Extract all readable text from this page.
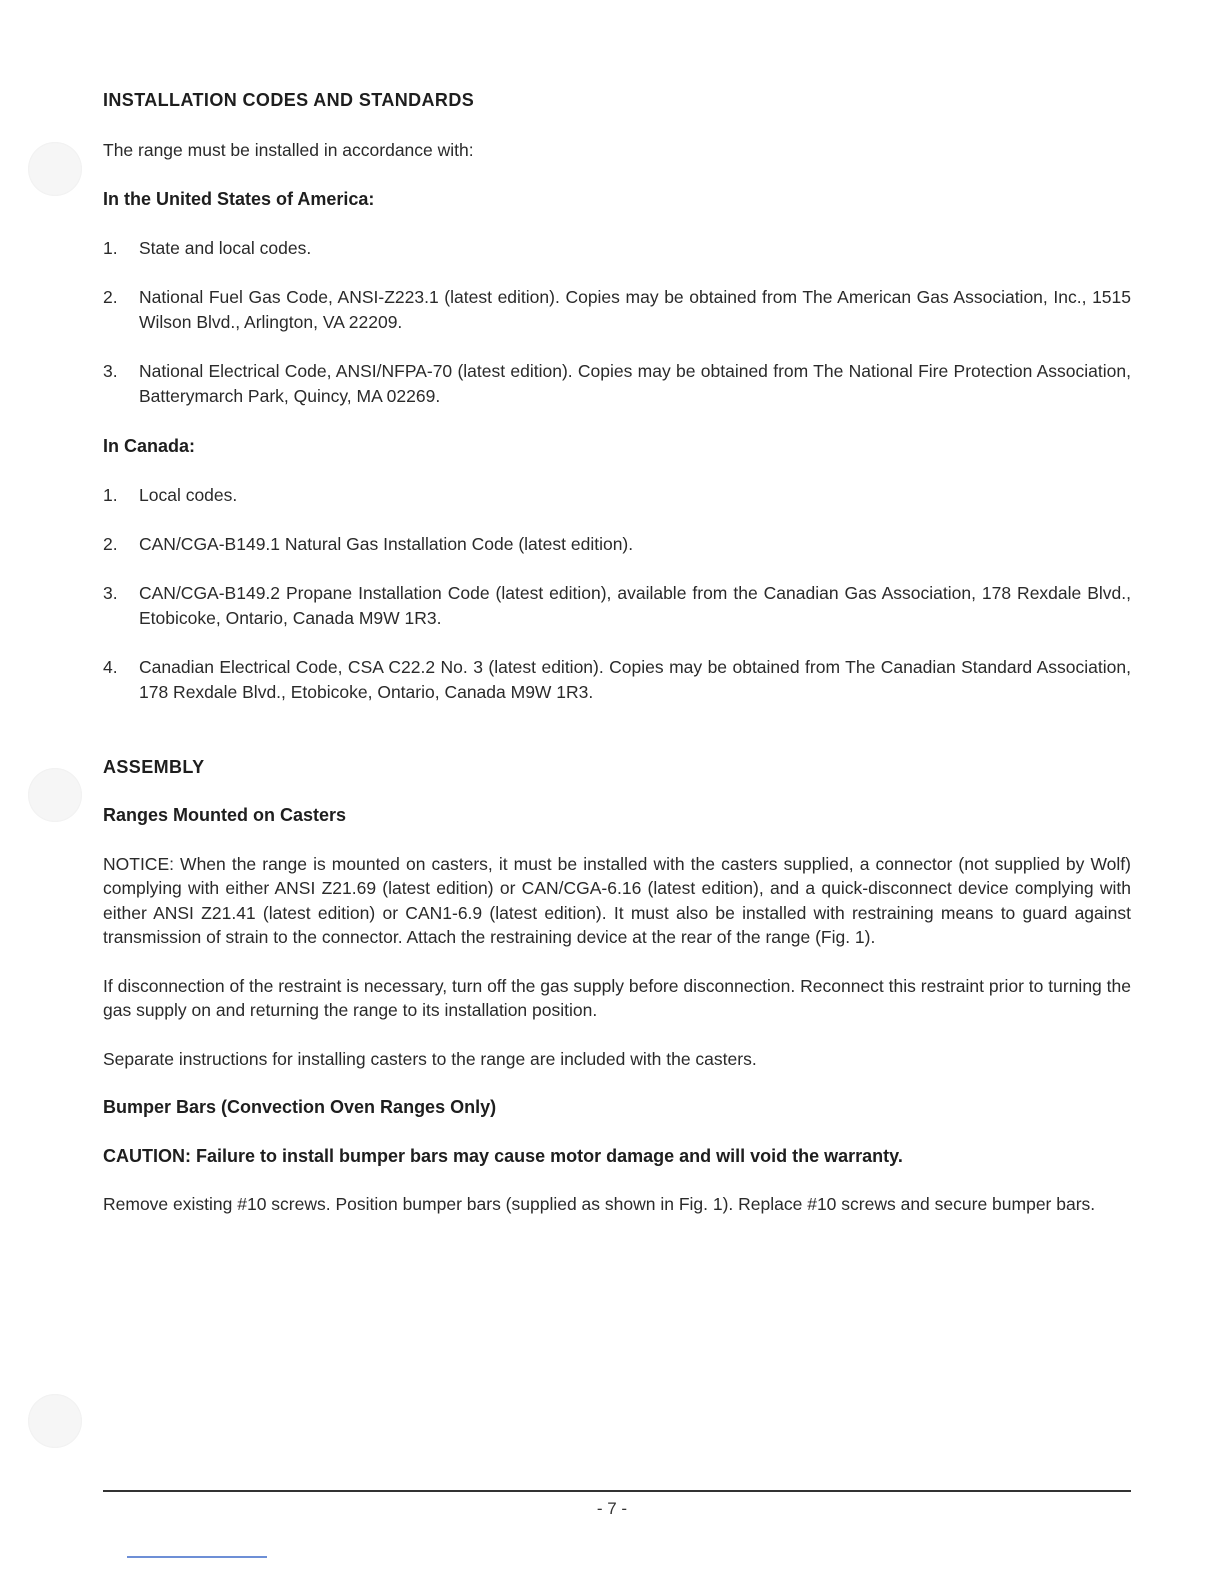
INSTALLATION CODES AND STANDARDS

The range must be installed in accordance with:

In the United States of America:
1.	State and local codes.
2.	National Fuel Gas Code, ANSI-Z223.1 (latest edition). Copies may be obtained from The American Gas Association, Inc., 1515 Wilson Blvd., Arlington, VA 22209.
3.	National Electrical Code, ANSI/NFPA-70 (latest edition). Copies may be obtained from The National Fire Protection Association, Batterymarch Park, Quincy, MA 02269.
In Canada:
1.	Local codes.
2.	CAN/CGA-B149.1 Natural Gas Installation Code (latest edition).
3.	CAN/CGA-B149.2 Propane Installation Code (latest edition), available from the Canadian Gas Association, 178 Rexdale Blvd., Etobicoke, Ontario, Canada M9W 1R3.
4.	Canadian Electrical Code, CSA C22.2 No. 3 (latest edition). Copies may be obtained from The Canadian Standard Association, 178 Rexdale Blvd., Etobicoke, Ontario, Canada M9W 1R3.
ASSEMBLY
Ranges Mounted on Casters

NOTICE: When the range is mounted on casters, it must be installed with the casters supplied, a connector (not supplied by Wolf) complying with either ANSI Z21.69 (latest edition) or CAN/CGA-6.16 (latest edition), and a quick-disconnect device complying with either ANSI Z21.41 (latest edition) or CAN1-6.9 (latest edition). It must also be installed with restraining means to guard against transmission of strain to the connector. Attach the restraining device at the rear of the range (Fig. 1).

If disconnection of the restraint is necessary, turn off the gas supply before disconnection. Reconnect this restraint prior to turning the gas supply on and returning the range to its installation position.

Separate instructions for installing casters to the range are included with the casters.

Bumper Bars (Convection Oven Ranges Only)

CAUTION: Failure to install bumper bars may cause motor damage and will void the warranty.

Remove existing #10 screws. Position bumper bars (supplied as shown in Fig. 1). Replace #10 screws and secure bumper bars.

- 7 -
